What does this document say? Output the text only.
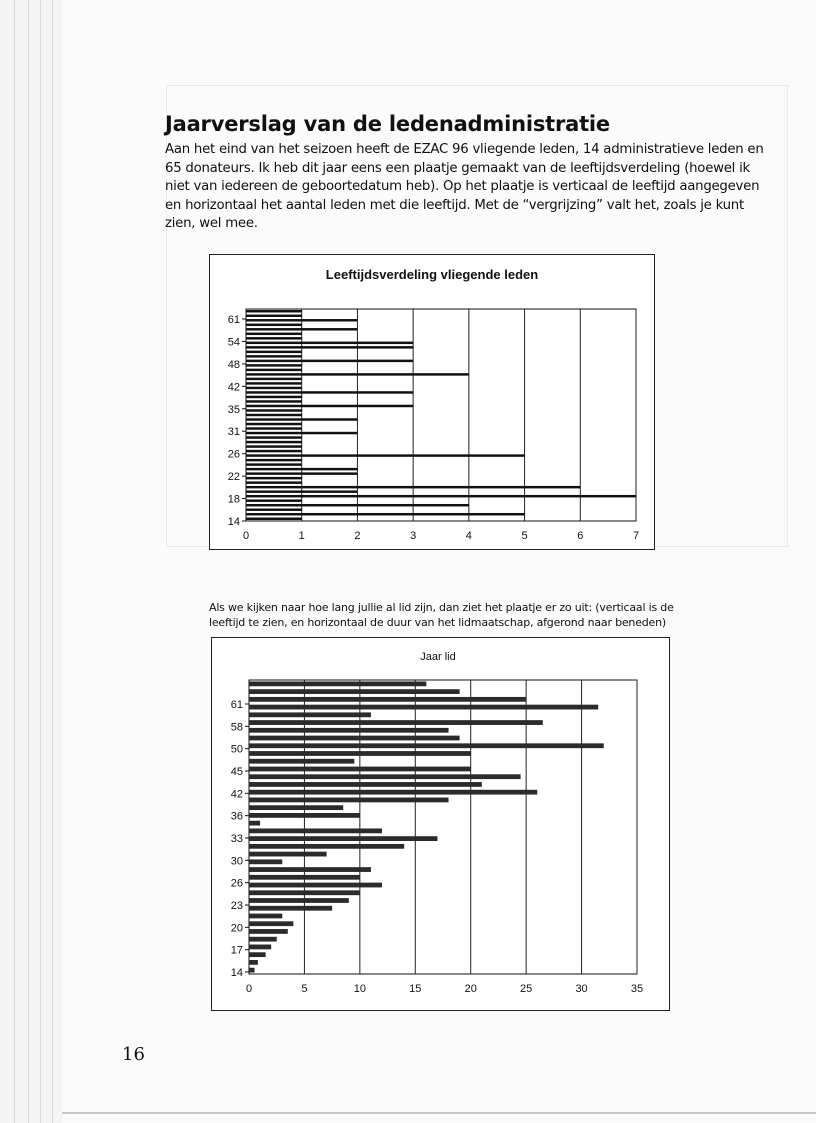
Jaarverslag van de ledenadministratie

Aan het eind van het seizoen heeft de EZAC 96 vliegende leden, 14 administratieve leden en 65 donateurs. Ik heb dit jaar eens een plaatje gemaakt van de leeftijdsverdeling (hoewel ik niet van iedereen de geboortedatum heb). Op het plaatje is verticaal de leeftijd aangegeven en horizontaal het aantal leden met die leeftijd. Met de “vergrijzing” valt het, zoals je kunt zien, wel mee.

Leeftijdsverdeling vliegende leden
0	1	2	3	4	5	6	7
61
54
48
42
35
31
26
22
18
14

Als we kijken naar hoe lang jullie al lid zijn, dan ziet het plaatje er zo uit: (verticaal is de leeftijd te zien, en horizontaal de duur van het lidmaatschap, afgerond naar beneden)

Jaar lid
0	5	10	15	20	25	30	35
61
58
50
45
42
36
33
30
26
23
20
17
14
16
